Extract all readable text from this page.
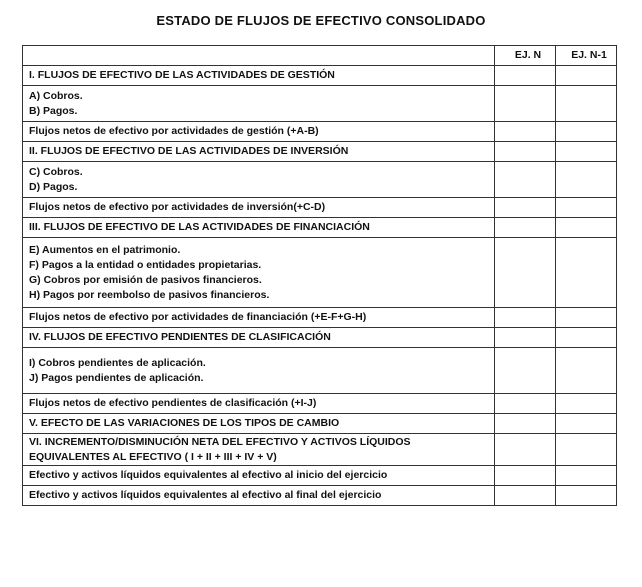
ESTADO DE FLUJOS DE EFECTIVO CONSOLIDADO
	EJ. N	EJ. N-1

I. FLUJOS DE EFECTIVO DE LAS ACTIVIDADES DE GESTIÓN		

A) Cobros.
B) Pagos.		

Flujos netos de efectivo por actividades de gestión (+A-B)		

II. FLUJOS DE EFECTIVO DE LAS ACTIVIDADES DE INVERSIÓN		

C) Cobros.
D) Pagos.		

Flujos netos de efectivo por actividades de inversión(+C-D)		

III. FLUJOS DE EFECTIVO DE LAS ACTIVIDADES DE FINANCIACIÓN		

E) Aumentos en el patrimonio.
F) Pagos a la entidad o entidades propietarias.
G) Cobros por emisión de pasivos financieros.
H) Pagos por reembolso de pasivos financieros.		

Flujos netos de efectivo por actividades de financiación (+E-F+G-H)		

IV. FLUJOS DE EFECTIVO PENDIENTES DE CLASIFICACIÓN		

I) Cobros pendientes de aplicación.
J) Pagos pendientes de aplicación.		

Flujos netos de efectivo pendientes de clasificación (+I-J)		

V. EFECTO DE LAS VARIACIONES DE LOS TIPOS DE CAMBIO		

VI. INCREMENTO/DISMINUCIÓN NETA DEL EFECTIVO Y ACTIVOS LÍQUIDOS
EQUIVALENTES AL EFECTIVO ( I + II + III + IV + V)		

Efectivo y activos líquidos equivalentes al efectivo al inicio del ejercicio		

Efectivo y activos líquidos equivalentes al efectivo al final del ejercicio		
